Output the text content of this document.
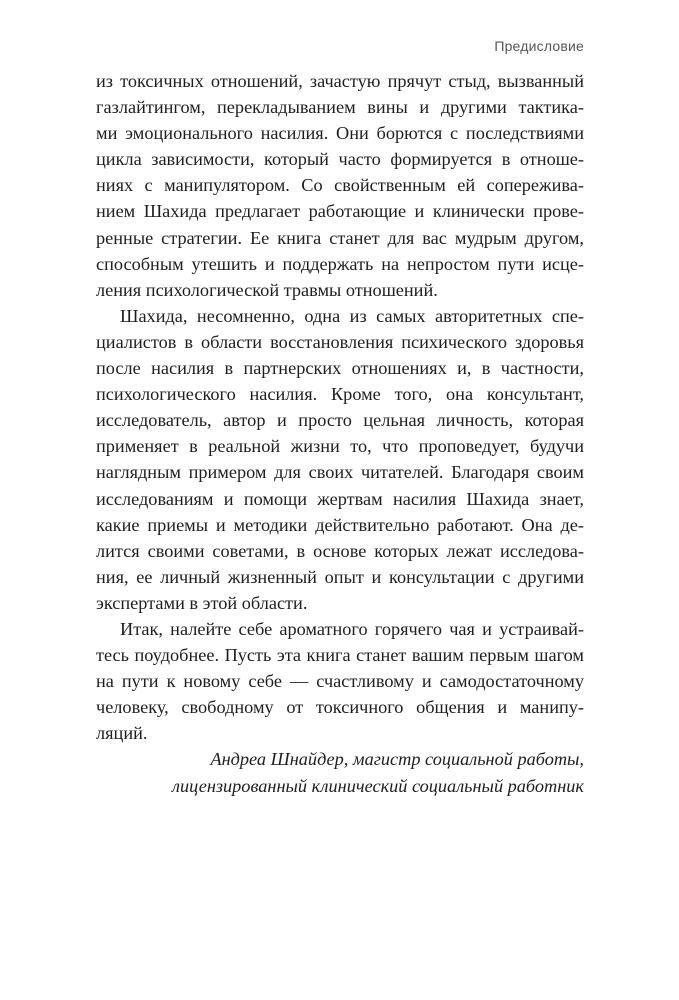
Предисловие
из токсичных отношений, зачастую прячут стыд, вызванный
газлайтингом, перекладыванием вины и другими тактика-
ми эмоционального насилия. Они борются с последствиями
цикла зависимости, который часто формируется в отноше-
ниях с манипулятором. Со свойственным ей сопережива-
нием Шахида предлагает работающие и клинически прове-
ренные стратегии. Ее книга станет для вас мудрым другом,
способным утешить и поддержать на непростом пути исце-
ления психологической травмы отношений.
Шахида, несомненно, одна из самых авторитетных спе-
циалистов в области восстановления психического здоровья
после насилия в партнерских отношениях и, в частности,
психологического насилия. Кроме того, она консультант,
исследователь, автор и просто цельная личность, которая
применяет в реальной жизни то, что проповедует, будучи
наглядным примером для своих читателей. Благодаря своим
исследованиям и помощи жертвам насилия Шахида знает,
какие приемы и методики действительно работают. Она де-
лится своими советами, в основе которых лежат исследова-
ния, ее личный жизненный опыт и консультации с другими
экспертами в этой области.
Итак, налейте себе ароматного горячего чая и устраивай-
тесь поудобнее. Пусть эта книга станет вашим первым шагом
на пути к новому себе — счастливому и самодостаточному
человеку, свободному от токсичного общения и манипу-
ляций.
Андреа Шнайдер, магистр социальной работы,
лицензированный клинический социальный работник
